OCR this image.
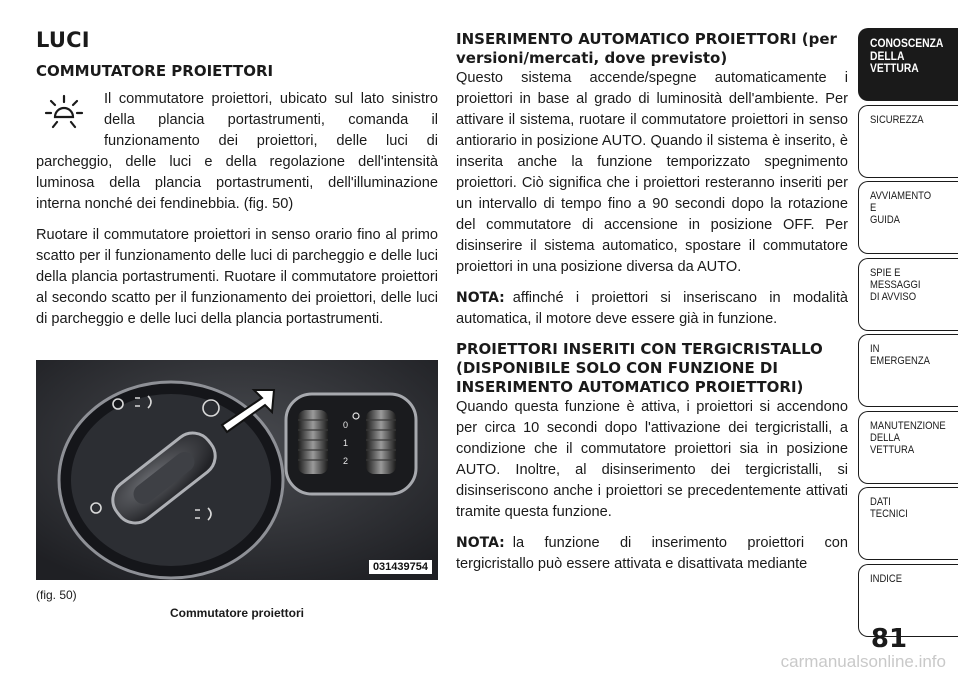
LUCI
COMMUTATORE PROIETTORI

Il commutatore proiettori, ubicato sul lato sinistro della plancia portastrumenti, comanda il funzionamento dei proiettori, delle luci di parcheggio, delle luci e della regolazione dell'intensità luminosa della plancia portastrumenti, dell'illuminazione interna nonché dei fendinebbia. (fig. 50)

Ruotare il commutatore proiettori in senso orario fino al primo scatto per il funzionamento delle luci di parcheggio e delle luci della plancia portastrumenti. Ruotare il commutatore proiettori al secondo scatto per il funzionamento dei proiettori, delle luci di parcheggio e delle luci della plancia portastrumenti.

0
1
2
031439754
(fig. 50)
Commutatore proiettori
INSERIMENTO AUTOMATICO PROIETTORI (per versioni/mercati, dove previsto)

Questo sistema accende/spegne automaticamente i proiettori in base al grado di luminosità dell'ambiente. Per attivare il sistema, ruotare il commutatore proiettori in senso antiorario in posizione AUTO. Quando il sistema è inserito, è inserita anche la funzione temporizzato spegnimento proiettori. Ciò significa che i proiettori resteranno inseriti per un intervallo di tempo fino a 90 secondi dopo la rotazione del commutatore di accensione in posizione OFF. Per disinserire il sistema automatico, spostare il commutatore proiettori in una posizione diversa da AUTO.

NOTA: affinché i proiettori si inseriscano in modalità automatica, il motore deve essere già in funzione.

PROIETTORI INSERITI CON TERGICRISTALLO (DISPONIBILE SOLO CON FUNZIONE DI INSERIMENTO AUTOMATICO PROIETTORI)

Quando questa funzione è attiva, i proiettori si accendono per circa 10 secondi dopo l'attivazione dei tergicristalli, a condizione che il commutatore proiettori sia in posizione AUTO. Inoltre, al disinserimento dei tergicristalli, si disinseriscono anche i proiettori se precedentemente attivati tramite questa funzione.

NOTA: la funzione di inserimento proiettori con tergicristallo può essere attivata e disattivata mediante

CONOSCENZA
DELLA
VETTURA
SICUREZZA
AVVIAMENTO
E
GUIDA
SPIE E
MESSAGGI
DI AVVISO
IN
EMERGENZA
MANUTENZIONE
DELLA
VETTURA
DATI
TECNICI
INDICE
81
carmanualsonline.info
